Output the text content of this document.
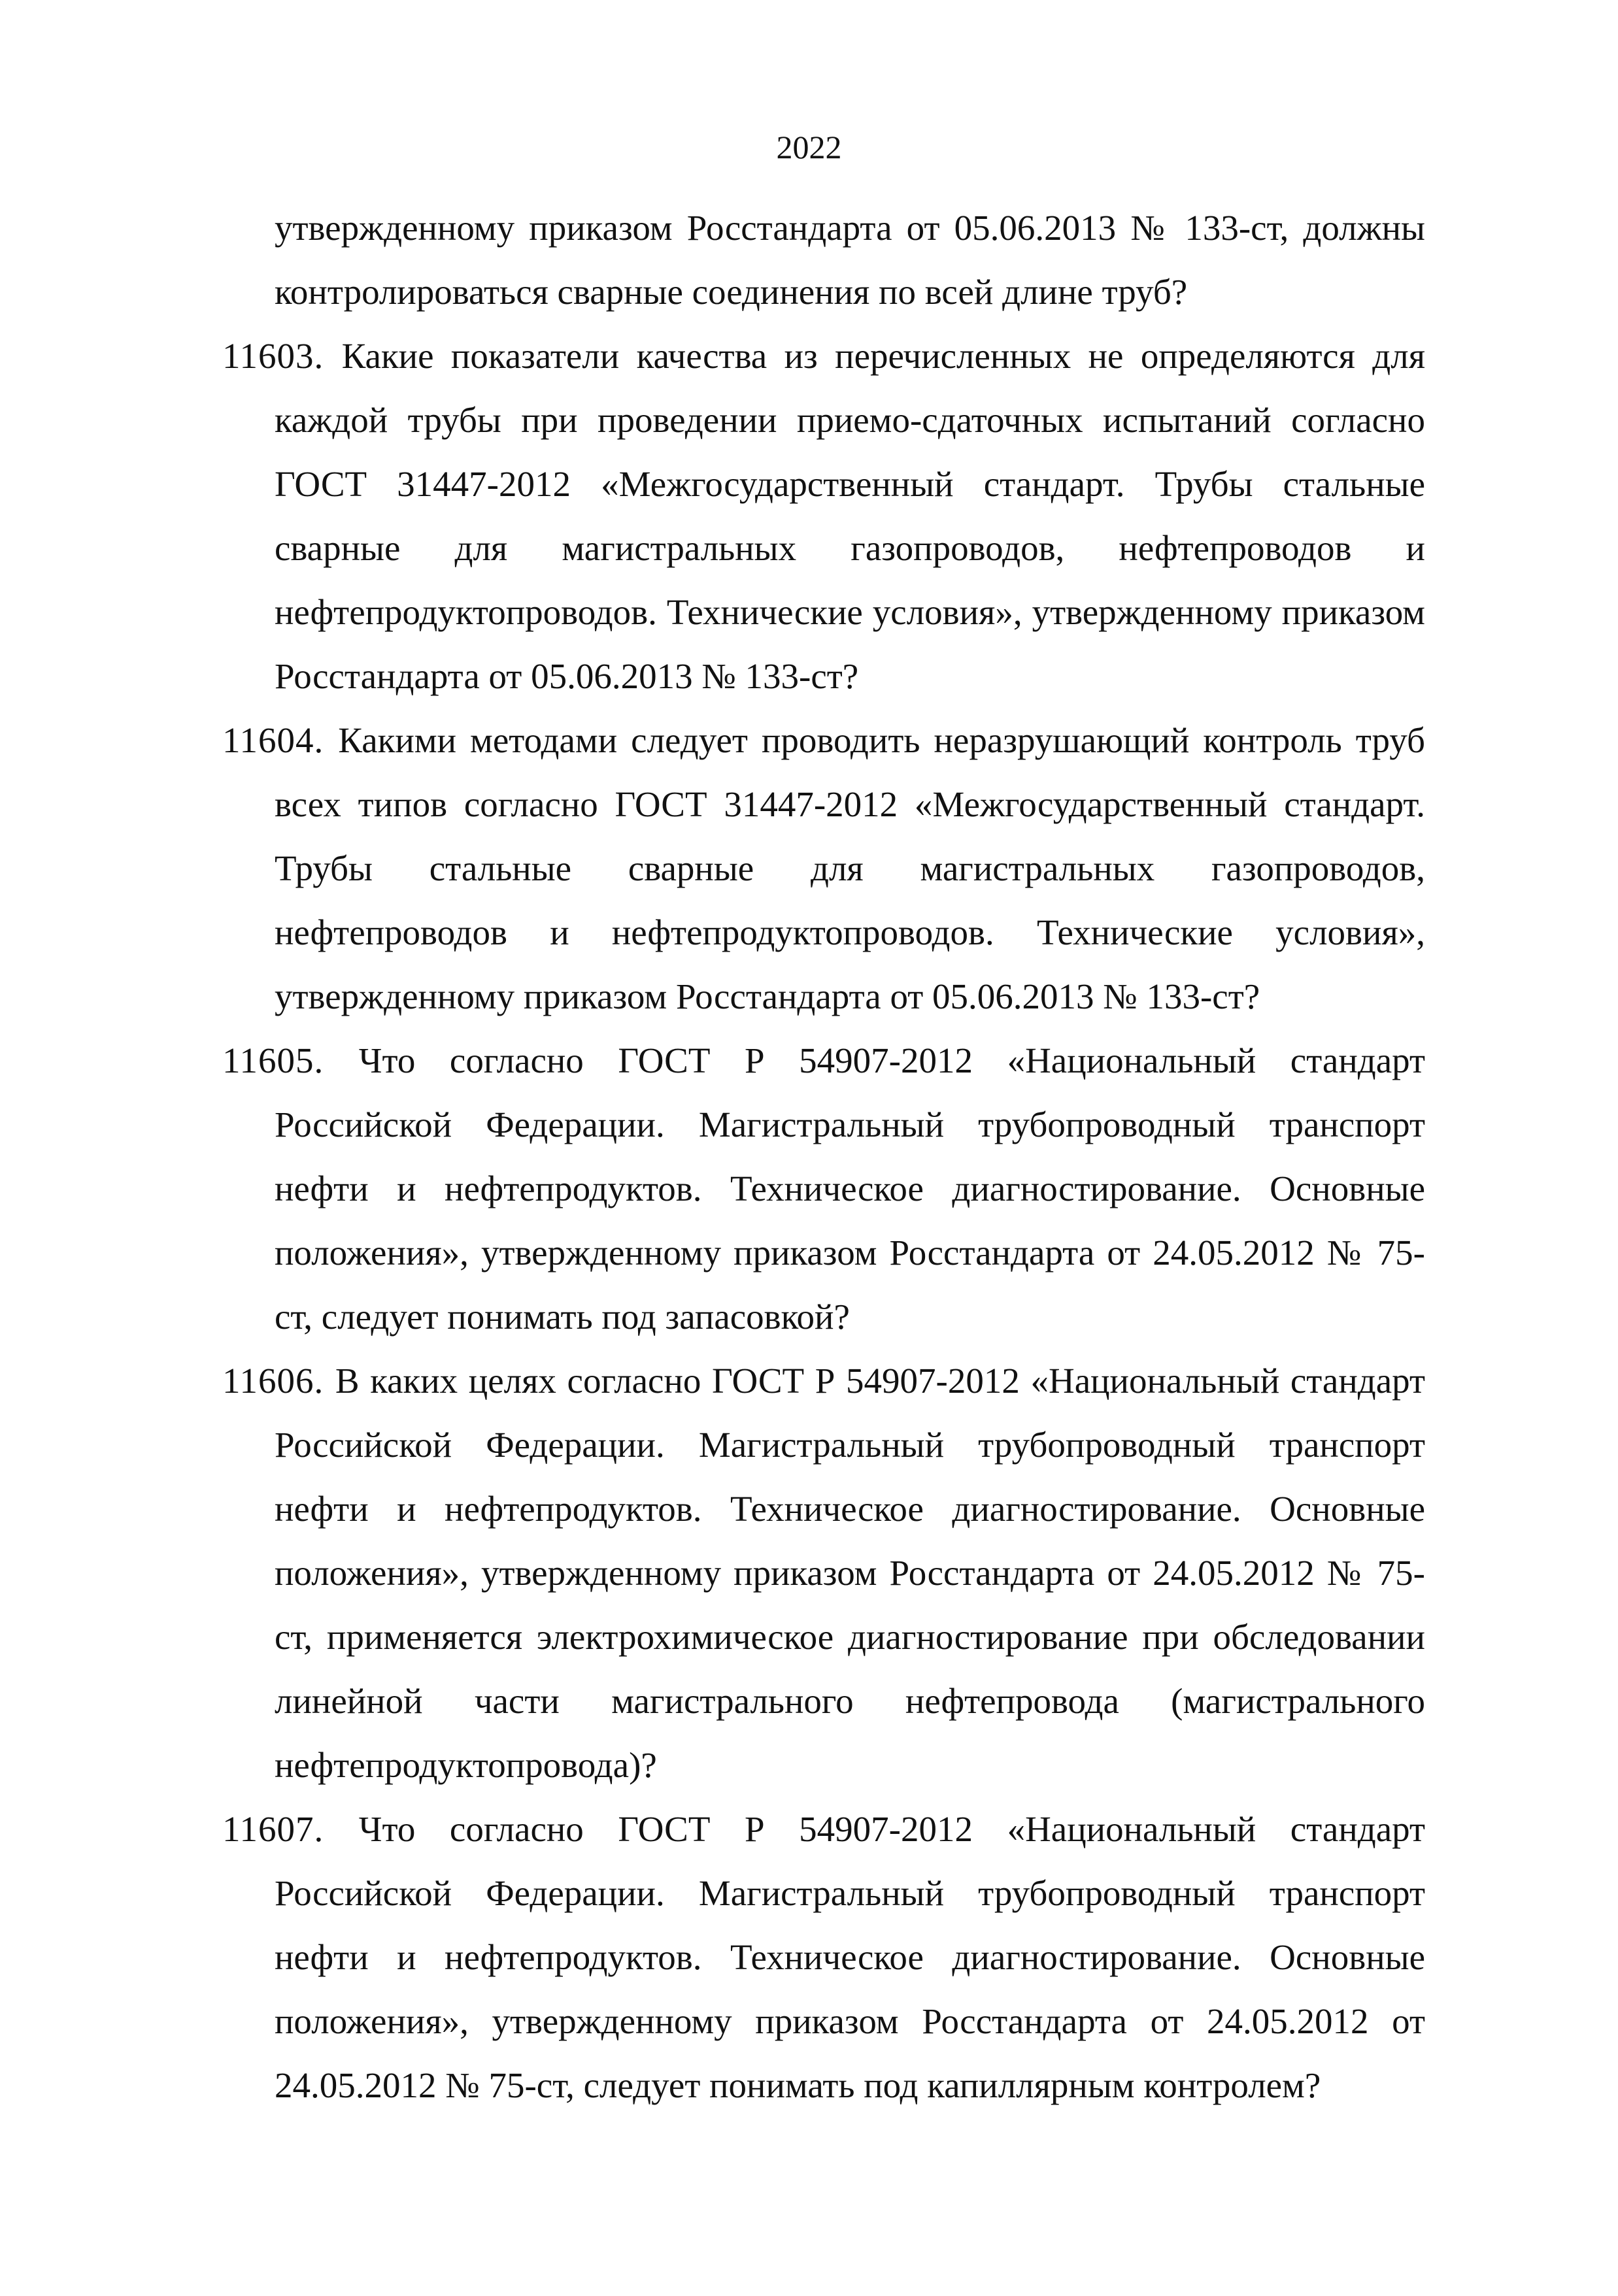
2022
утвержденному приказом Росстандарта от 05.06.2013 № 133-ст, должны контролироваться сварные соединения по всей длине труб?
11603. Какие показатели качества из перечисленных не определяются для каждой трубы при проведении приемо-сдаточных испытаний согласно ГОСТ 31447-2012 «Межгосударственный стандарт. Трубы стальные сварные для магистральных газопроводов, нефтепроводов и нефтепродуктопроводов. Технические условия», утвержденному приказом Росстандарта от 05.06.2013 № 133-ст?
11604. Какими методами следует проводить неразрушающий контроль труб всех типов согласно ГОСТ 31447-2012 «Межгосударственный стандарт. Трубы стальные сварные для магистральных газопроводов, нефтепроводов и нефтепродуктопроводов. Технические условия», утвержденному приказом Росстандарта от 05.06.2013 № 133-ст?
11605. Что согласно ГОСТ Р 54907-2012 «Национальный стандарт Российской Федерации. Магистральный трубопроводный транспорт нефти и нефтепродуктов. Техническое диагностирование. Основные положения», утвержденному приказом Росстандарта от 24.05.2012 № 75-ст, следует понимать под запасовкой?
11606. В каких целях согласно ГОСТ Р 54907-2012 «Национальный стандарт Российской Федерации. Магистральный трубопроводный транспорт нефти и нефтепродуктов. Техническое диагностирование. Основные положения», утвержденному приказом Росстандарта от 24.05.2012 № 75-ст, применяется электрохимическое диагностирование при обследовании линейной части магистрального нефтепровода (магистрального нефтепродуктопровода)?
11607. Что согласно ГОСТ Р 54907-2012 «Национальный стандарт Российской Федерации. Магистральный трубопроводный транспорт нефти и нефтепродуктов. Техническое диагностирование. Основные положения», утвержденному приказом Росстандарта от 24.05.2012 от 24.05.2012 № 75-ст, следует понимать под капиллярным контролем?
